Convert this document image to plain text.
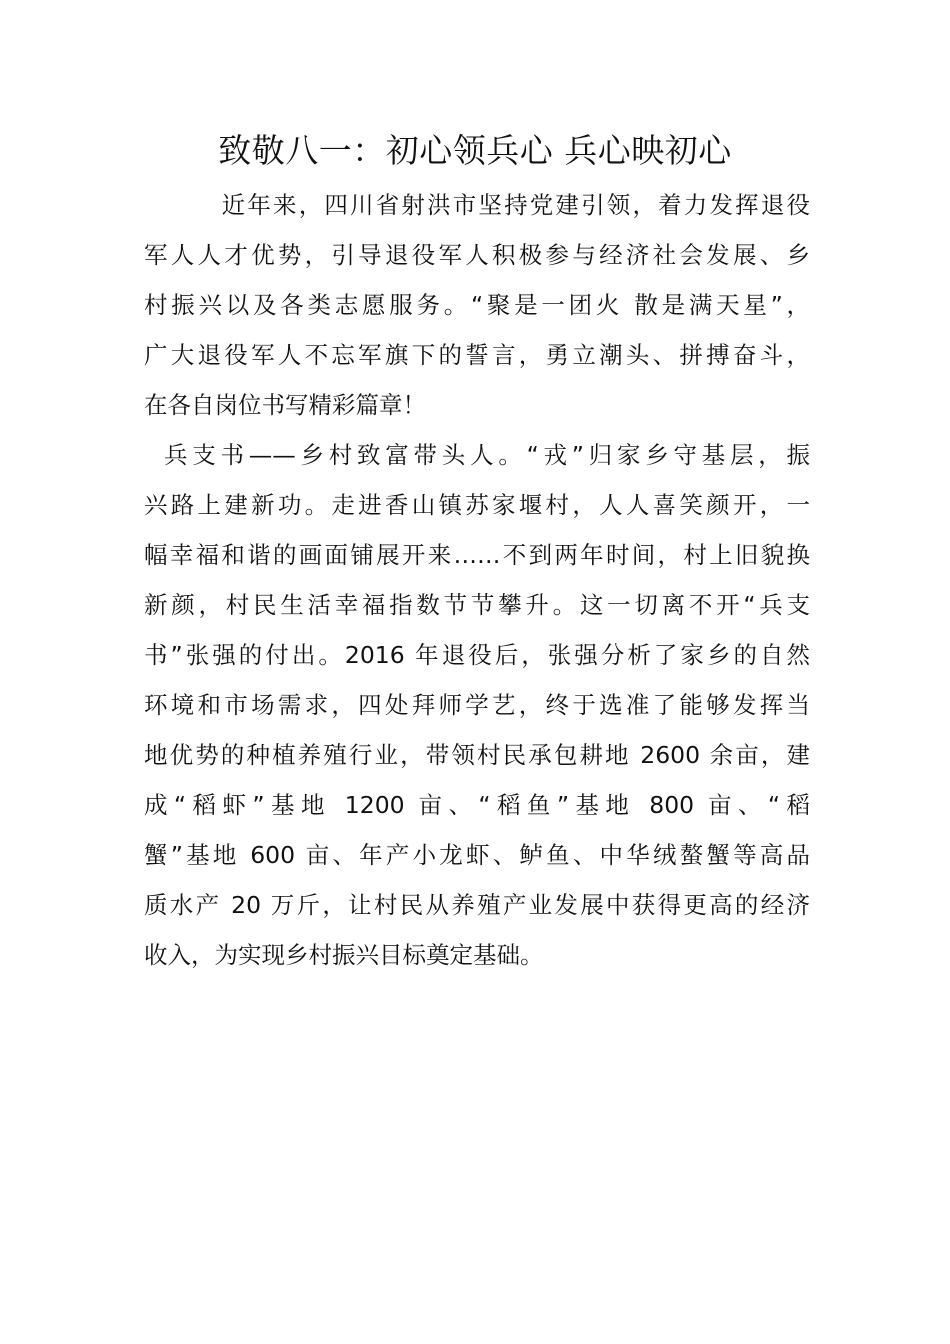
致敬八一：初心领兵心 兵心映初心

　近年来，四川省射洪市坚持党建引领，着力发挥退役
军人人才优势，引导退役军人积极参与经济社会发展、乡
村振兴以及各类志愿服务。“聚是一团火 散是满天星”，
广大退役军人不忘军旗下的誓言，勇立潮头、拼搏奋斗，
在各自岗位书写精彩篇章！

兵支书——乡村致富带头人。“戎”归家乡守基层，振
兴路上建新功。走进香山镇苏家堰村，人人喜笑颜开，一
幅幸福和谐的画面铺展开来……不到两年时间，村上旧貌换
新颜，村民生活幸福指数节节攀升。这一切离不开“兵支
书”张强的付出。2016 年退役后，张强分析了家乡的自然
环境和市场需求，四处拜师学艺，终于选准了能够发挥当
地优势的种植养殖行业，带领村民承包耕地 2600 余亩，建
成“稻虾”基地 1200 亩、“稻鱼”基地 800 亩、“稻
蟹”基地 600 亩、年产小龙虾、鲈鱼、中华绒螯蟹等高品
质水产 20 万斤，让村民从养殖产业发展中获得更高的经济
收入，为实现乡村振兴目标奠定基础。
